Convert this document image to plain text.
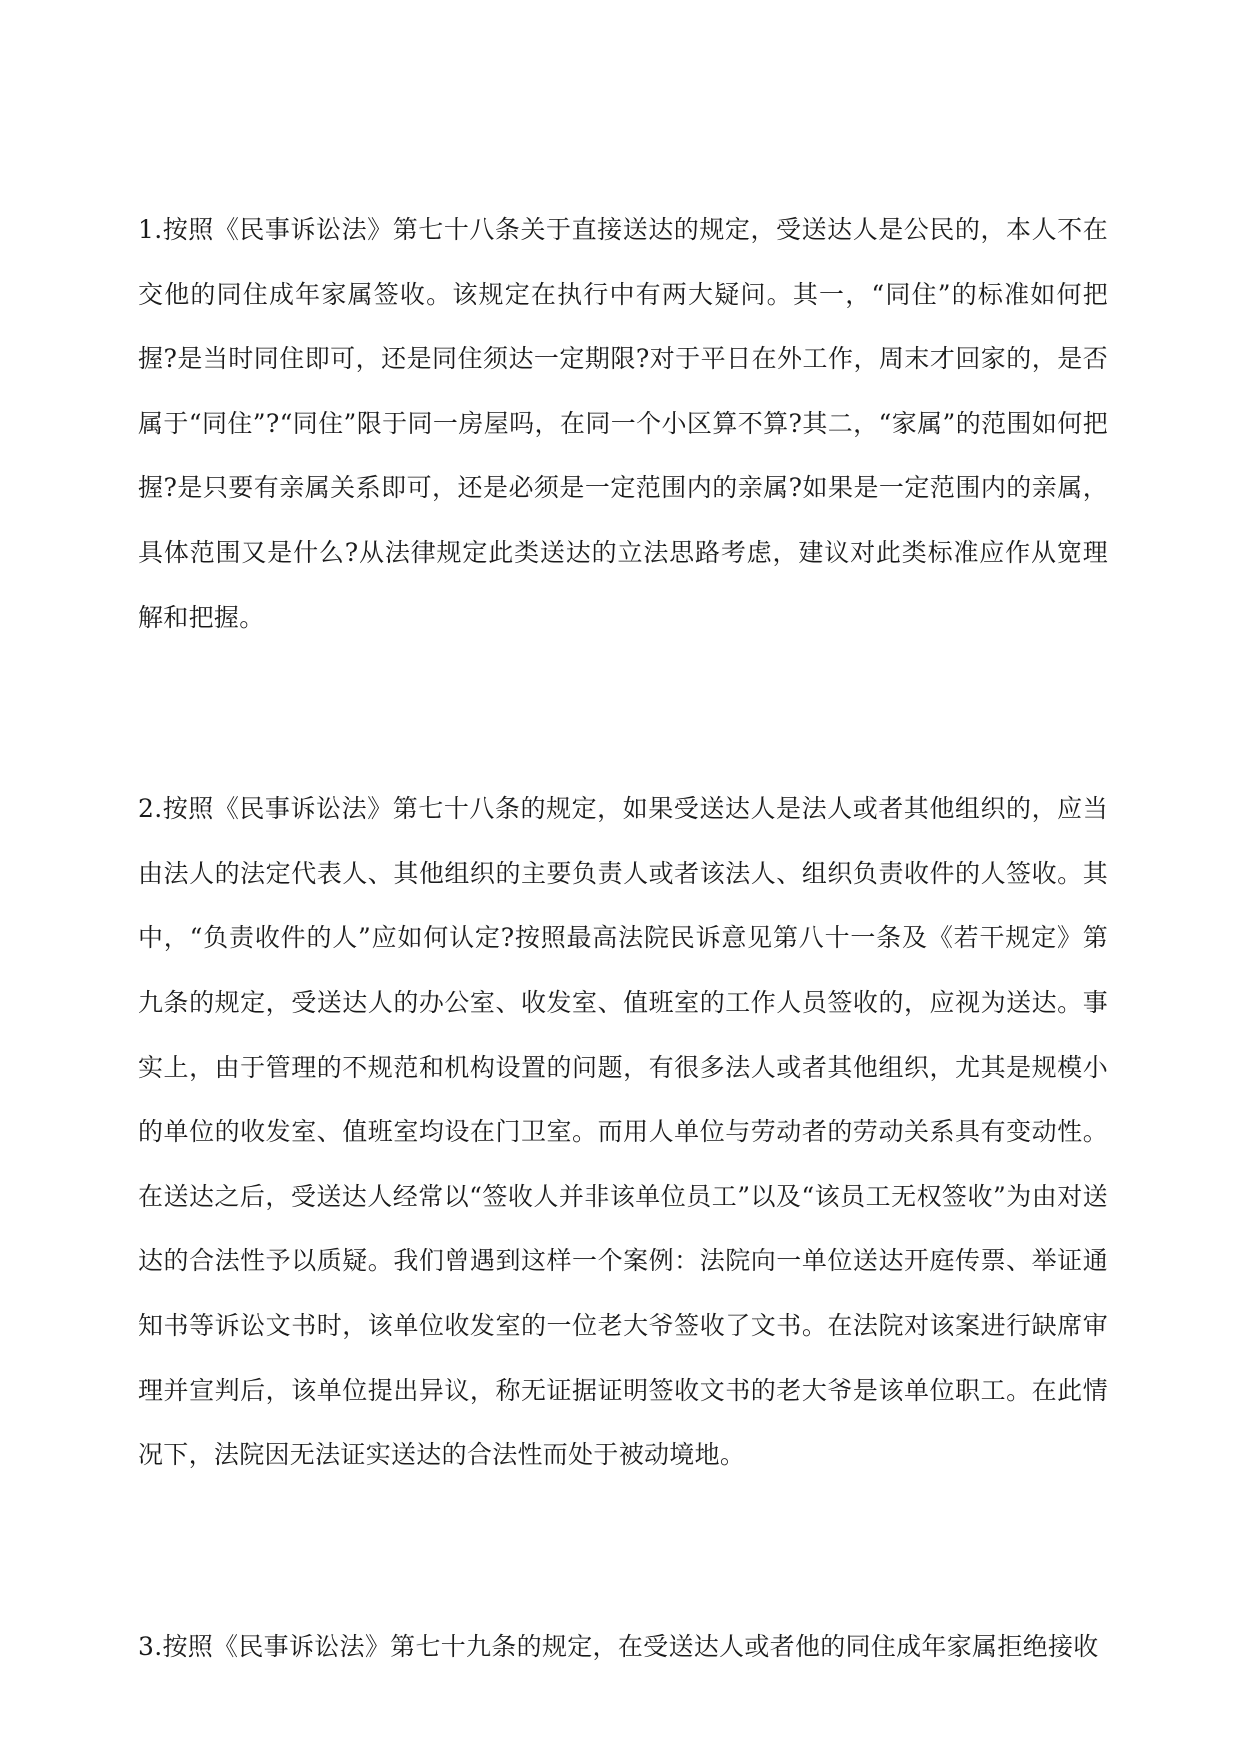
1.按照《民事诉讼法》第七十八条关于直接送达的规定，受送达人是公民的，本人不在交他的同住成年家属签收。该规定在执行中有两大疑问。其一，“同住”的标准如何把握?是当时同住即可，还是同住须达一定期限?对于平日在外工作，周末才回家的，是否属于“同住”?“同住”限于同一房屋吗，在同一个小区算不算?其二，“家属”的范围如何把握?是只要有亲属关系即可，还是必须是一定范围内的亲属?如果是一定范围内的亲属，具体范围又是什么?从法律规定此类送达的立法思路考虑，建议对此类标准应作从宽理解和把握。

2.按照《民事诉讼法》第七十八条的规定，如果受送达人是法人或者其他组织的，应当由法人的法定代表人、其他组织的主要负责人或者该法人、组织负责收件的人签收。其中，“负责收件的人”应如何认定?按照最高法院民诉意见第八十一条及《若干规定》第九条的规定，受送达人的办公室、收发室、值班室的工作人员签收的，应视为送达。事实上，由于管理的不规范和机构设置的问题，有很多法人或者其他组织，尤其是规模小的单位的收发室、值班室均设在门卫室。而用人单位与劳动者的劳动关系具有变动性。在送达之后，受送达人经常以“签收人并非该单位员工”以及“该员工无权签收”为由对送达的合法性予以质疑。我们曾遇到这样一个案例：法院向一单位送达开庭传票、举证通知书等诉讼文书时，该单位收发室的一位老大爷签收了文书。在法院对该案进行缺席审理并宣判后，该单位提出异议，称无证据证明签收文书的老大爷是该单位职工。在此情况下，法院因无法证实送达的合法性而处于被动境地。

3.按照《民事诉讼法》第七十九条的规定，在受送达人或者他的同住成年家属拒绝接收
